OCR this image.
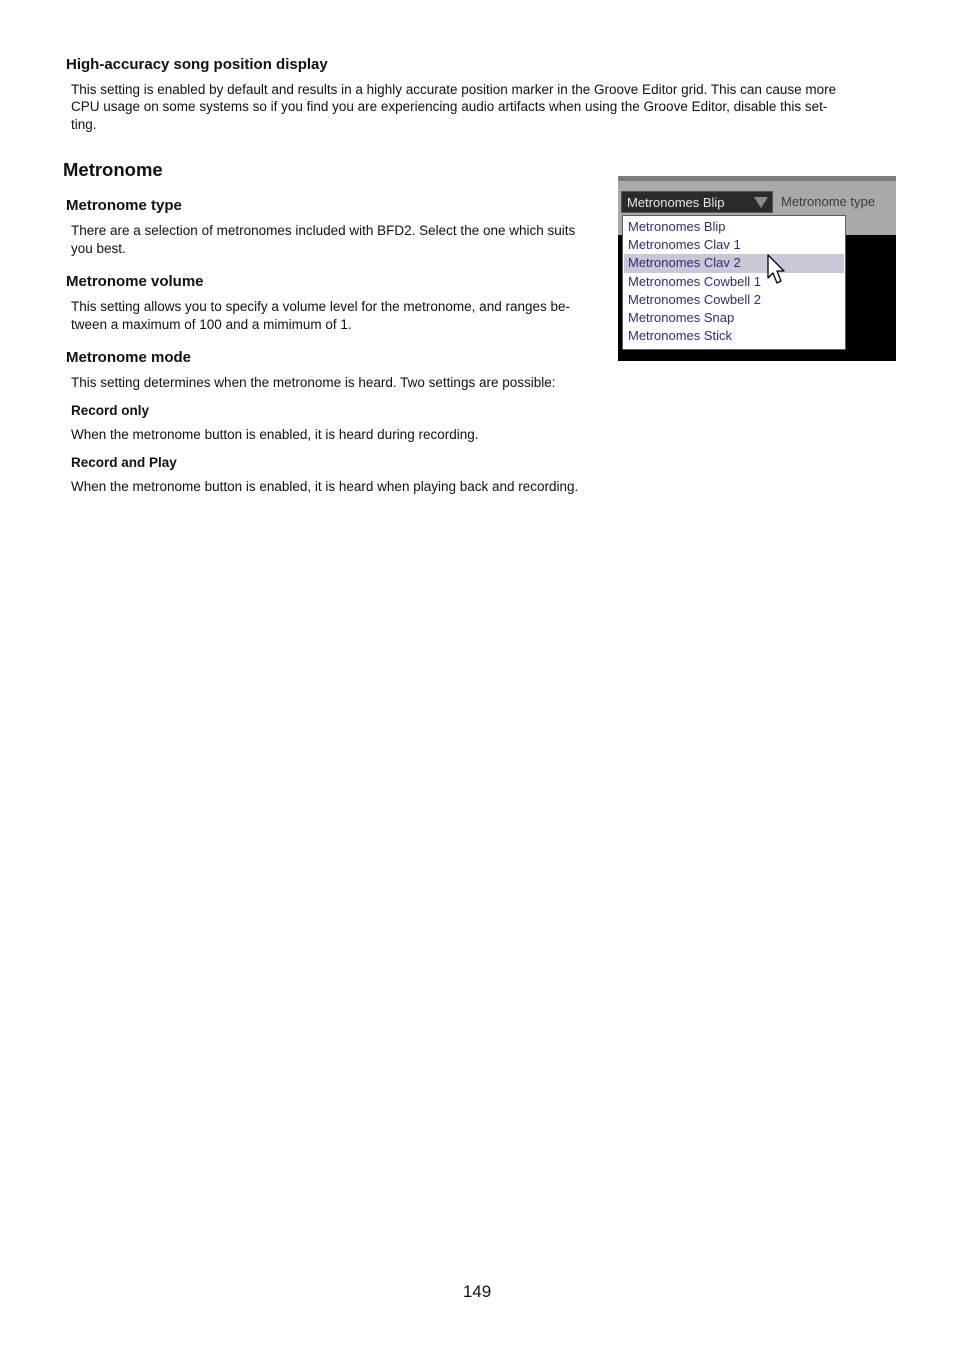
High-accuracy song position display

This setting is enabled by default and results in a highly accurate position marker in the Groove Editor grid. This can cause more

CPU usage on some systems so if you find you are experiencing audio artifacts when using the Groove Editor, disable this set-

ting.

Metronome
Metronome type

There are a selection of metronomes included with BFD2. Select the one which suits

you best.

Metronome volume

This setting allows you to specify a volume level for the metronome, and ranges be-

tween a maximum of 100 and a mimimum of 1.

Metronome mode

This setting determines when the metronome is heard. Two settings are possible:

Record only

When the metronome button is enabled, it is heard during recording.

Record and Play

When the metronome button is enabled, it is heard when playing back and recording.

Metronomes Blip	Metronome type
Metronomes Blip
Metronomes Clav 1
Metronomes Clav 2
Metronomes Cowbell 1
Metronomes Cowbell 2
Metronomes Snap
Metronomes Stick
149
